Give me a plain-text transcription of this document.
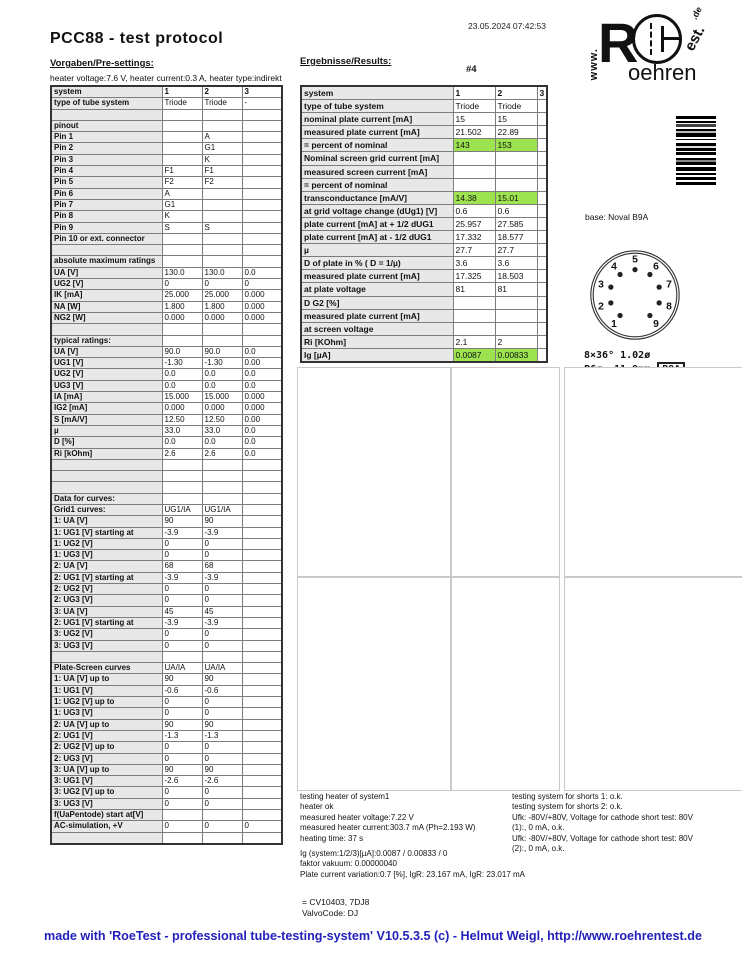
23.05.2024 07:42:53
PCC88 - test protocol
Vorgaben/Pre-settings:
heater voltage:7.6 V, heater current:0.3 A, heater type:indirekt
Ergebnisse/Results:
#4	www.
R
oehren
est.
.de
system	1	2	3
type of tube system	Triode	Triode	-

pinout			
Pin 1		A	
Pin 2		G1	
Pin 3		K	
Pin 4	F1	F1	
Pin 5	F2	F2	
Pin 6	A		
Pin 7	G1		
Pin 8	K		
Pin 9	S	S	
Pin 10 or ext. connector			

absolute maximum ratings			
UA [V]	130.0	130.0	0.0
UG2 [V]	0	0	0
IK [mA]	25.000	25.000	0.000
NA [W]	1.800	1.800	0.000
NG2 [W]	0.000	0.000	0.000

typical ratings:			
UA [V]	90.0	90.0	0.0
UG1 [V]	-1.30	-1.30	0.00
UG2 [V]	0.0	0.0	0.0
UG3 [V]	0.0	0.0	0.0
IA [mA]	15.000	15.000	0.000
IG2 [mA]	0.000	0.000	0.000
S [mA/V]	12.50	12.50	0.00
µ	33.0	33.0	0.0
D [%]	0.0	0.0	0.0
Ri [kOhm]	2.6	2.6	0.0

Data for curves:			
Grid1 curves:	UG1/IA	UG1/IA	
1: UA [V]	90	90	
1: UG1 [V] starting at	-3.9	-3.9	
1: UG2 [V]	0	0	
1: UG3 [V]	0	0	
2: UA [V]	68	68	
2: UG1 [V] starting at	-3.9	-3.9	
2: UG2 [V]	0	0	
2: UG3 [V]	0	0	
3: UA [V]	45	45	
2: UG1 [V] starting at	-3.9	-3.9	
3: UG2 [V]	0	0	
3: UG3 [V]	0	0	

Plate-Screen curves	UA/IA	UA/IA	
1: UA [V] up to	90	90	
1: UG1 [V]	-0.6	-0.6	
1: UG2 [V] up to	0	0	
1: UG3 [V]	0	0	
2: UA [V] up to	90	90	
2: UG1 [V]	-1.3	-1.3	
2: UG2 [V] up to	0	0	
2: UG3 [V]	0	0	
3: UA [V] up to	90	90	
3: UG1 [V]	-2.6	-2.6	
3: UG2 [V] up to	0	0	
3: UG3 [V]	0	0	
f(UaPentode) start at[V]			
AC-simulation, +V	0	0	0

system	1	2	3
type of tube system	Triode	Triode	
nominal plate current [mA]	15	15	
measured plate current [mA]	21.502	22.89	
= percent of nominal	143	153	
Nominal screen grid current [mA]			
measured screen current [mA]			
= percent of nominal			
transconductance [mA/V]	14.38	15.01	
at grid voltage change (dUg1) [V]	0.6	0.6	
plate current [mA] at + 1/2 dUG1	25.957	27.585	
plate current [mA] at - 1/2 dUG1	17.332	18.577	
µ	27.7	27.7	
D of plate in % ( D = 1/µ)	3.6	3.6	
measured plate current [mA]	17.325	18.503	
at plate voltage	81	81	
D G2 [%]			
measured plate current [mA]			
at screen voltage			
Ri [KOhm]	2.1	2	
Ig [µA]	0.0087	0.00833	
base: Noval B9A
1
2
3
4
5
6
7
8
9
8×36° 1.02ø
testing heater of system1
heater ok
measured heater voltage:7.22 V
measured heater current:303.7 mA (Ph=2.193 W)
heating time: 37 s
Ig (system:1/2/3)[µA]:0.0087 / 0.00833 / 0
faktor vakuum: 0.00000040
Plate current variation:0.7 [%], IgR: 23.167 mA, IgR: 23.017 mA
testing system for shorts 1: o.k.
testing system for shorts 2: o.k.
Ufk: -80V/+80V, Voltage for cathode short test: 80V
(1):, 0 mA, o.k.
Ufk: -80V/+80V, Voltage for cathode short test: 80V
(2):, 0 mA, o.k.
= CV10403, 7DJ8
ValvoCode: DJ
made with 'RoeTest - professional tube-testing-system' V10.5.3.5 (c) - Helmut Weigl, http://www.roehrentest.de
